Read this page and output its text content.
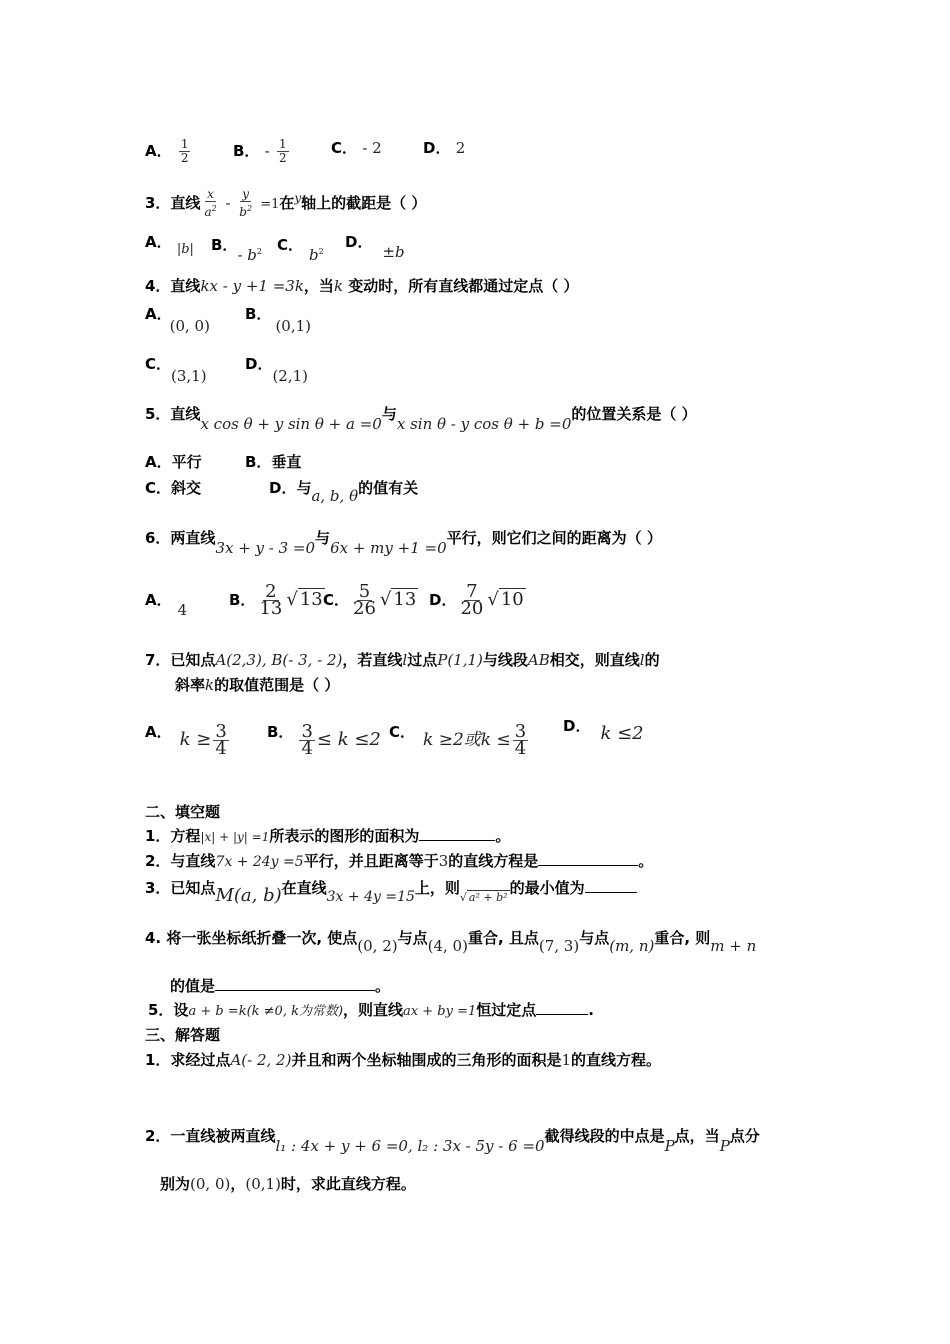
A． $\frac{1}{2}$	B． - $\frac{1}{2}$	C． - 2	D． 2
3．直线 $\frac{x}{a^2} - \frac{y}{b^2} =1$在$^y$轴上的截距是（ ）
A． |b| B．- $b^2$ C．$b^2$
D．±b
4．直线kx - y +1 =3k，当k 变动时，所有直线都通过定点（ ）
A．(0, 0)
B．(0,1)
C．(3,1)
D．(2,1)
5．直线x cos θ + y sin θ + a =0与x sin θ - y cos θ + b =0的位置关系是（ ）
A．平行	B．垂直
C．斜交	D．与a, b, θ的值有关
6．两直线3x + y - 3 =0与6x + my +1 =0平行，则它们之间的距离为（ ）
A．4
B． $\frac{2}{13}$ √ 13 C． $\frac{5}{26}$ √ 13 D． $\frac{7}{20}$ √ 10
7．已知点A(2,3), B(- 3, - 2)，若直线l过点P(1,1)与线段AB相交，则直线l的
斜率k的取值范围是（ ）
A． $k \ge \frac{3}{4}$	B． $\frac{3}{4} \le k \le 2$ C． k ≥2或$k \le \frac{3}{4}$ D． k ≤2
二、填空题
1．方程|x| + |y| =1所表示的图形的面积为	。
2．与直线7x + 24y =5平行，并且距离等于3的直线方程是	。
3．已知点M(a, b)在直线3x + 4y =15上，则$_{√ a^2 + b^2}$的最小值为
4. 将一张坐标纸折叠一次, 使点(0, 2)与点(4, 0)重合, 且点(7, 3)与点(m, n)重合, 则m + n
的值是	。
5．设a + b =k(k ≠0, k为常数)，则直线ax + by =1恒过定点	.
三、解答题
1．求经过点A(- 2, 2)并且和两个坐标轴围成的三角形的面积是1的直线方程。
2．一直线被两直线l₁ : 4x + y + 6 =0, l₂ : 3x - 5y - 6 =0截得线段的中点是P点，当P点分
别为(0, 0)，(0,1)时，求此直线方程。
